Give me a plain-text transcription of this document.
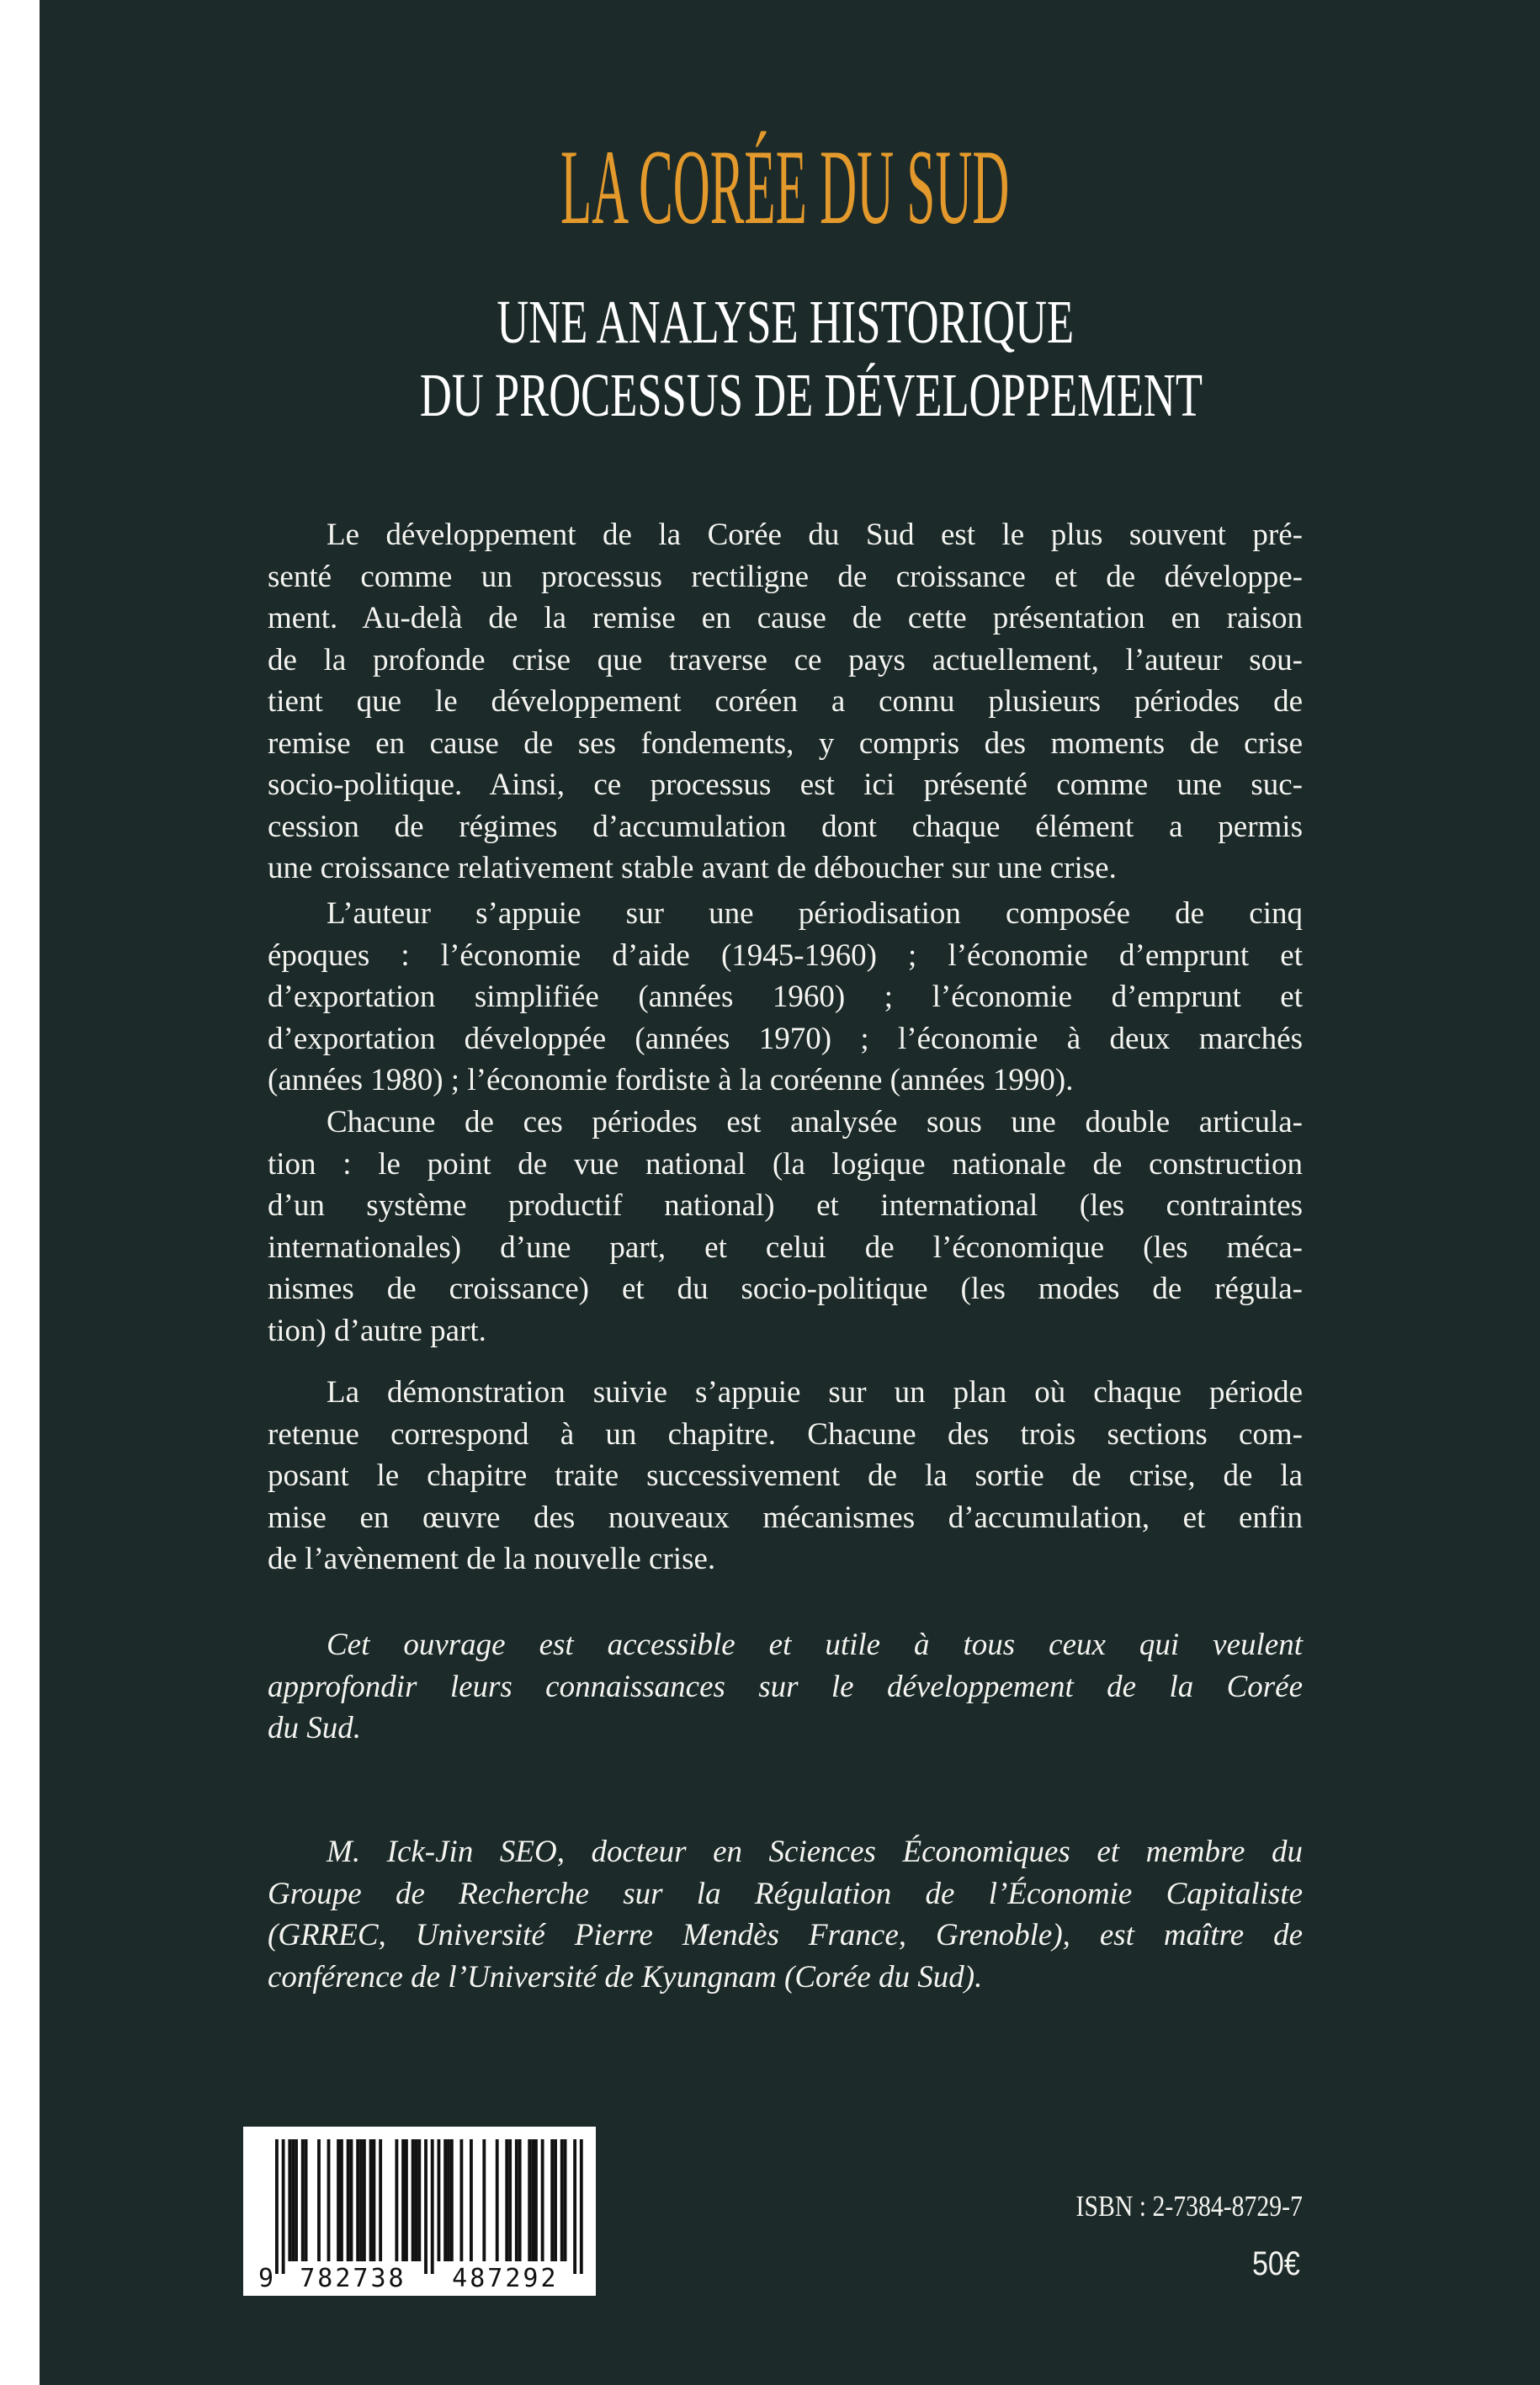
LA CORÉE DU SUD
UNE ANALYSE HISTORIQUE
DU PROCESSUS DE DÉVELOPPEMENT
Le développement de la Corée du Sud est le plus souvent pré-
senté comme un processus rectiligne de croissance et de développe-
ment. Au-delà de la remise en cause de cette présentation en raison
de la profonde crise que traverse ce pays actuellement, l’auteur sou-
tient que le développement coréen a connu plusieurs périodes de
remise en cause de ses fondements, y compris des moments de crise
socio-politique. Ainsi, ce processus est ici présenté comme une suc-
cession de régimes d’accumulation dont chaque élément a permis
une croissance relativement stable avant de déboucher sur une crise.
L’auteur s’appuie sur une périodisation composée de cinq
époques : l’économie d’aide (1945-1960) ; l’économie d’emprunt et
d’exportation simplifiée (années 1960) ; l’économie d’emprunt et
d’exportation développée (années 1970) ; l’économie à deux marchés
(années 1980) ; l’économie fordiste à la coréenne (années 1990).
Chacune de ces périodes est analysée sous une double articula-
tion : le point de vue national (la logique nationale de construction
d’un système productif national) et international (les contraintes
internationales) d’une part, et celui de l’économique (les méca-
nismes de croissance) et du socio-politique (les modes de régula-
tion) d’autre part.
La démonstration suivie s’appuie sur un plan où chaque période
retenue correspond à un chapitre. Chacune des trois sections com-
posant le chapitre traite successivement de la sortie de crise, de la
mise en œuvre des nouveaux mécanismes d’accumulation, et enfin
de l’avènement de la nouvelle crise.
Cet ouvrage est accessible et utile à tous ceux qui veulent
approfondir leurs connaissances sur le développement de la Corée
du Sud.
M. Ick-Jin SEO, docteur en Sciences Économiques et membre du
Groupe de Recherche sur la Régulation de l’Économie Capitaliste
(GRREC, Université Pierre Mendès France, Grenoble), est maître de
conférence de l’Université de Kyungnam (Corée du Sud).
9 782738 487292
ISBN : 2-7384-8729-7
50€
